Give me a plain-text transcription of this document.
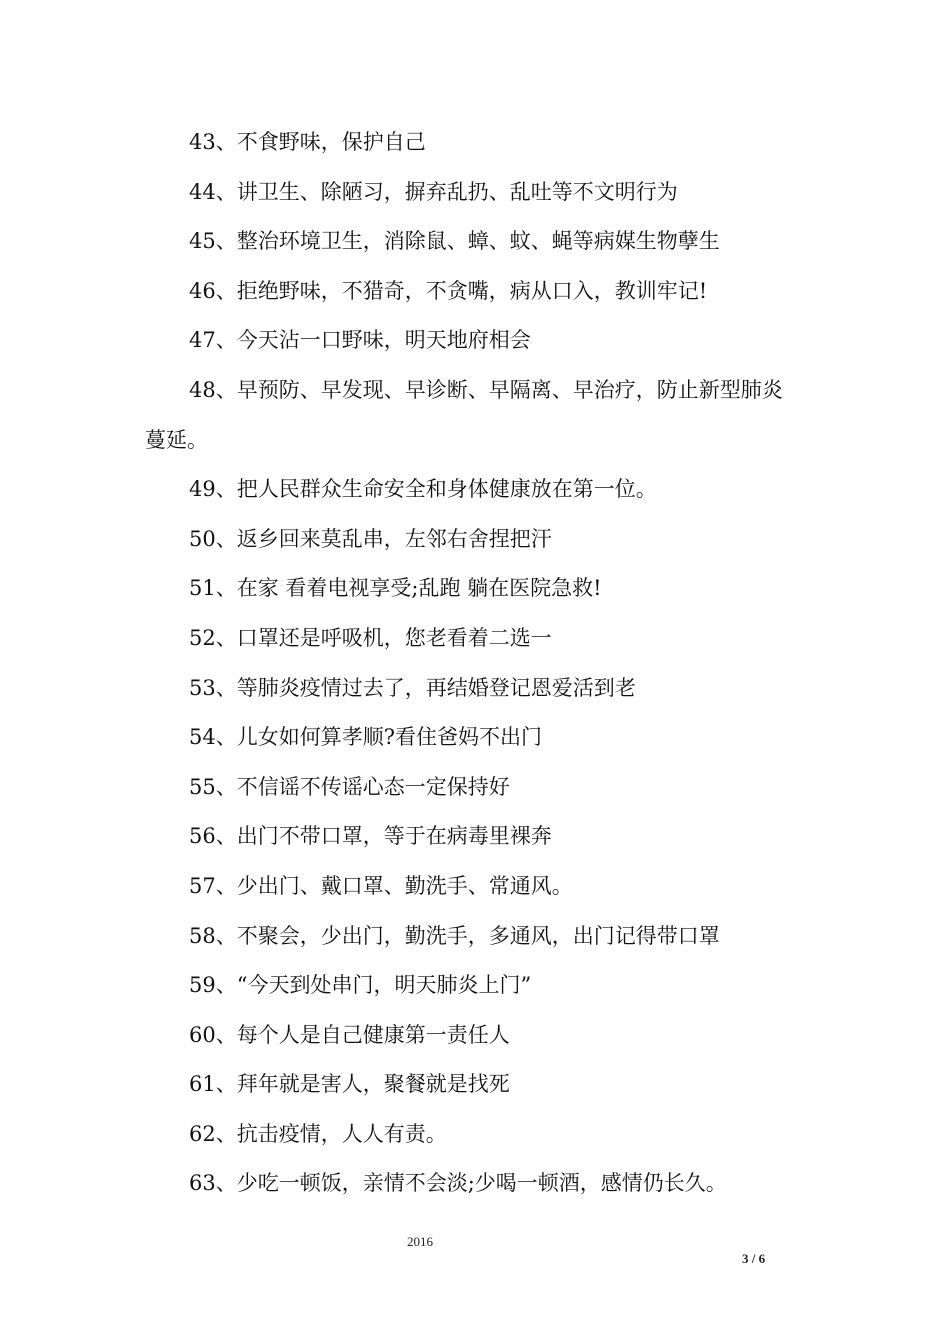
43、不食野味，保护自己
44、讲卫生、除陋习，摒弃乱扔、乱吐等不文明行为
45、整治环境卫生，消除鼠、蟑、蚊、蝇等病媒生物孽生
46、拒绝野味，不猎奇，不贪嘴，病从口入，教训牢记!
47、今天沾一口野味，明天地府相会
48、早预防、早发现、早诊断、早隔离、早治疗，防止新型肺炎
蔓延。
49、把人民群众生命安全和身体健康放在第一位。
50、返乡回来莫乱串，左邻右舍捏把汗
51、在家 看着电视享受;乱跑 躺在医院急救!
52、口罩还是呼吸机，您老看着二选一
53、等肺炎疫情过去了，再结婚登记恩爱活到老
54、儿女如何算孝顺?看住爸妈不出门
55、不信谣不传谣心态一定保持好
56、出门不带口罩，等于在病毒里裸奔
57、少出门、戴口罩、勤洗手、常通风。
58、不聚会，少出门，勤洗手，多通风，出门记得带口罩
59、“今天到处串门，明天肺炎上门”
60、每个人是自己健康第一责任人
61、拜年就是害人，聚餐就是找死
62、抗击疫情，人人有责。
63、少吃一顿饭，亲情不会淡;少喝一顿酒，感情仍长久。
2016
3 / 6
